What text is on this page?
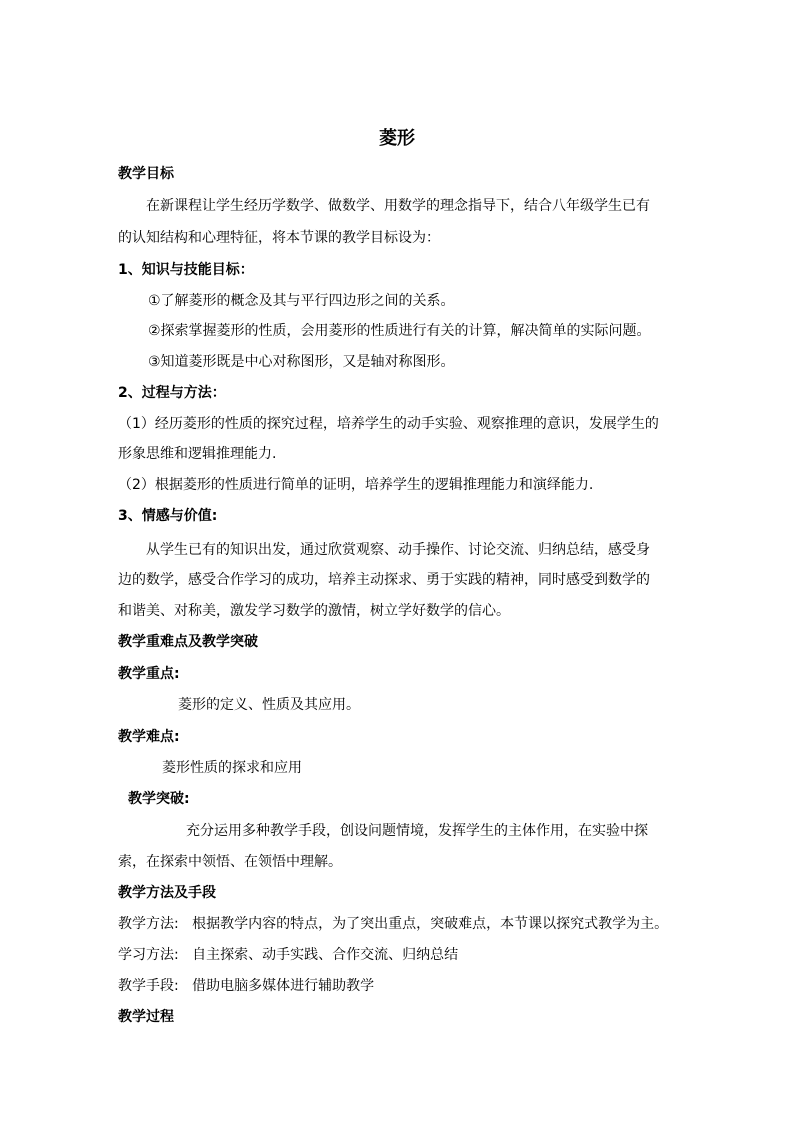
菱形
教学目标
在新课程让学生经历学数学、做数学、用数学的理念指导下，结合八年级学生已有
的认知结构和心理特征，将本节课的教学目标设为：
1、知识与技能目标：
①了解菱形的概念及其与平行四边形之间的关系。
②探索掌握菱形的性质，会用菱形的性质进行有关的计算，解决简单的实际问题。
③知道菱形既是中心对称图形，又是轴对称图形。
2、过程与方法：
（1）经历菱形的性质的探究过程，培养学生的动手实验、观察推理的意识，发展学生的
形象思维和逻辑推理能力.
（2）根据菱形的性质进行简单的证明，培养学生的逻辑推理能力和演绎能力.
3、情感与价值:
从学生已有的知识出发，通过欣赏观察、动手操作、讨论交流、归纳总结，感受身
边的数学，感受合作学习的成功，培养主动探求、勇于实践的精神，同时感受到数学的
和谐美、对称美，激发学习数学的激情，树立学好数学的信心。
教学重难点及教学突破
教学重点:
菱形的定义、性质及其应用。
教学难点:
菱形性质的探求和应用
教学突破:
充分运用多种教学手段，创设问题情境，发挥学生的主体作用，在实验中探
索，在探索中领悟、在领悟中理解。
教学方法及手段
教学方法:   根据教学内容的特点，为了突出重点，突破难点，本节课以探究式教学为主。
学习方法:   自主探索、动手实践、合作交流、归纳总结
教学手段:   借助电脑多媒体进行辅助教学
教学过程
